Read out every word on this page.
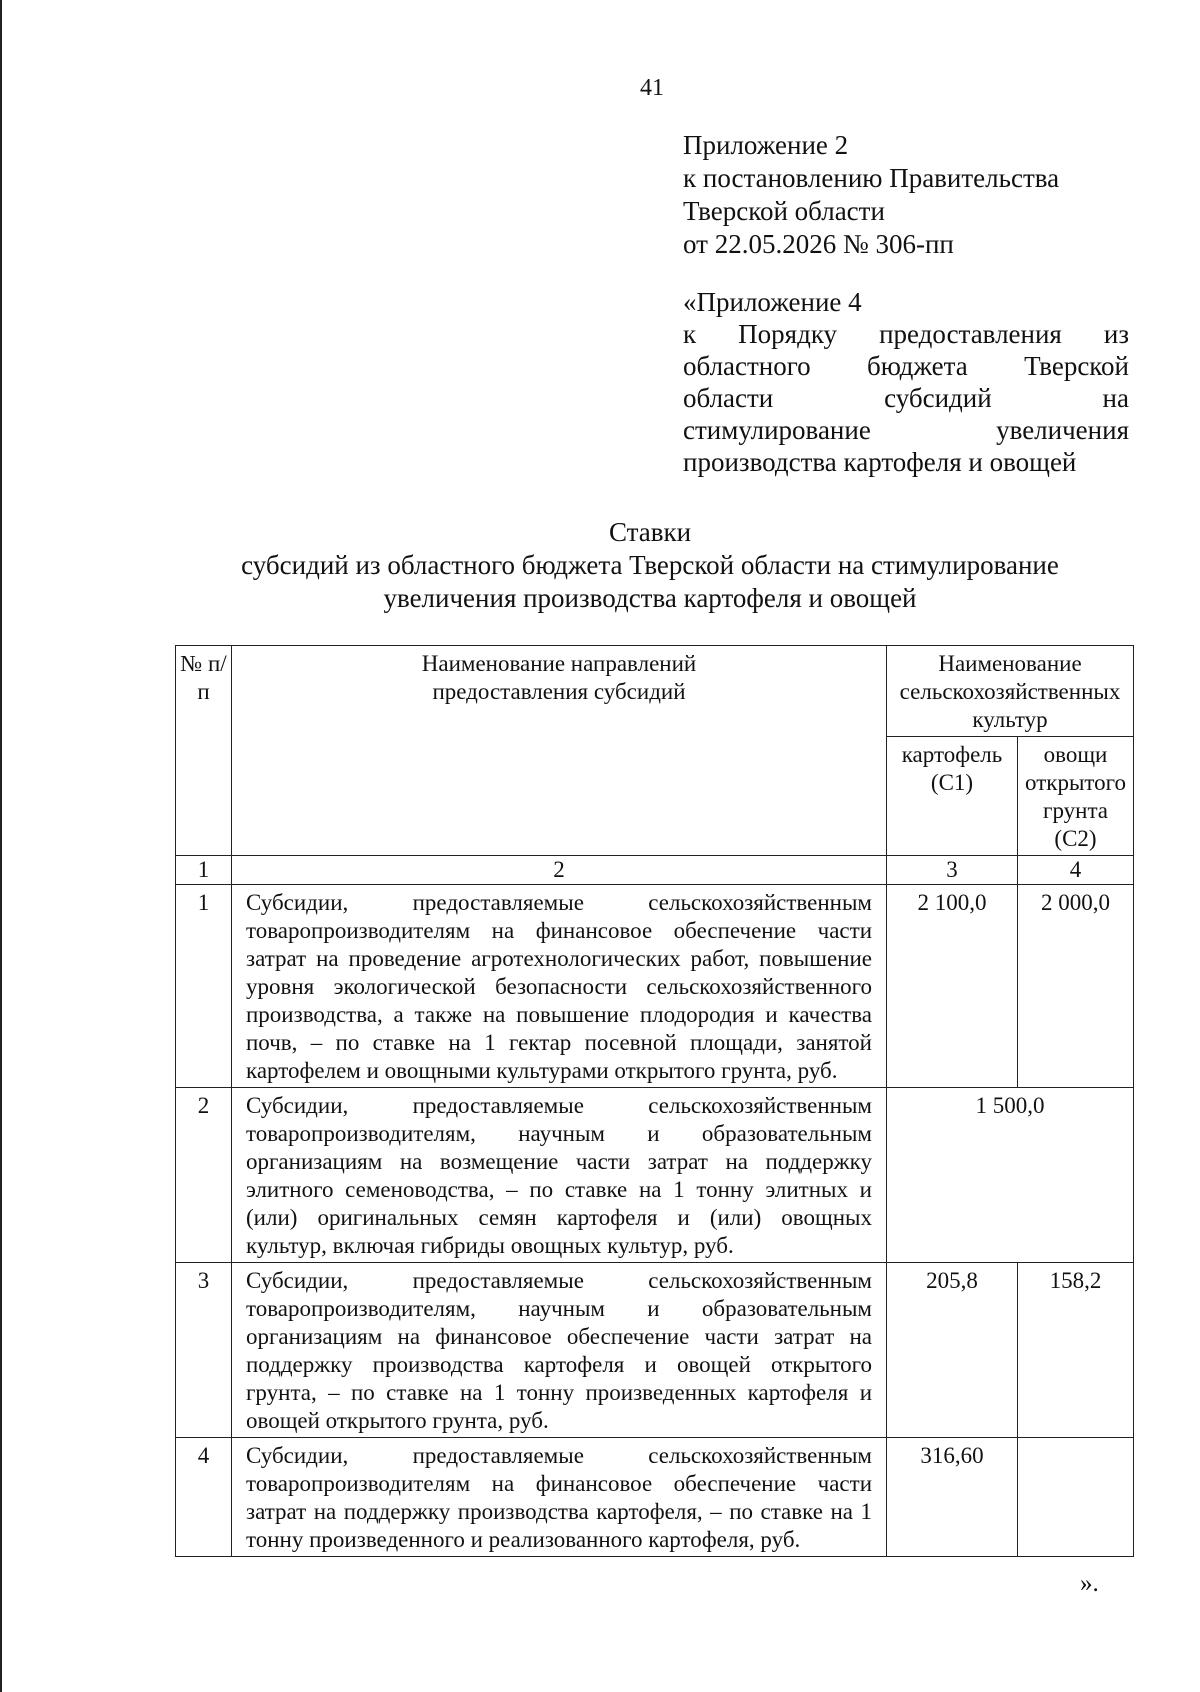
41
Приложение 2
к постановлению Правительства
Тверской области
от 22.05.2026 № 306-пп
«Приложение 4
к Порядку предоставления из
областного бюджета Тверской
области субсидий на
стимулирование увеличения
производства картофеля и овощей
Ставки
субсидий из областного бюджета Тверской области на стимулирование
увеличения производства картофеля и овощей
№ п/п	Наименование направлений предоставления субсидий	Наименование сельскохозяйственных культур	
		картофель (С1)	овощи открытого грунта (С2)
1	2	3	4
1	Субсидии, предоставляемые сельскохозяйственным товаропроизводителям на финансовое обеспечение части затрат на проведение агротехнологических работ, повышение уровня экологической безопасности сельскохозяйственного производства, а также на повышение плодородия и качества почв, – по ставке на 1 гектар посевной площади, занятой картофелем и овощными культурами открытого грунта, руб.	2 100,0	2 000,0
2	Субсидии, предоставляемые сельскохозяйственным товаропроизводителям, научным и образовательным организациям на возмещение части затрат на поддержку элитного семеноводства, – по ставке на 1 тонну элитных и (или) оригинальных семян картофеля и (или) овощных культур, включая гибриды овощных культур, руб.	1 500,0	
3	Субсидии, предоставляемые сельскохозяйственным товаропроизводителям, научным и образовательным организациям на финансовое обеспечение части затрат на поддержку производства картофеля и овощей открытого грунта, – по ставке на 1 тонну произведенных картофеля и овощей открытого грунта, руб.	205,8	158,2
4	Субсидии, предоставляемые сельскохозяйственным товаропроизводителям на финансовое обеспечение части затрат на поддержку производства картофеля, – по ставке на 1 тонну произведенного и реализованного картофеля, руб.	316,60	
».
